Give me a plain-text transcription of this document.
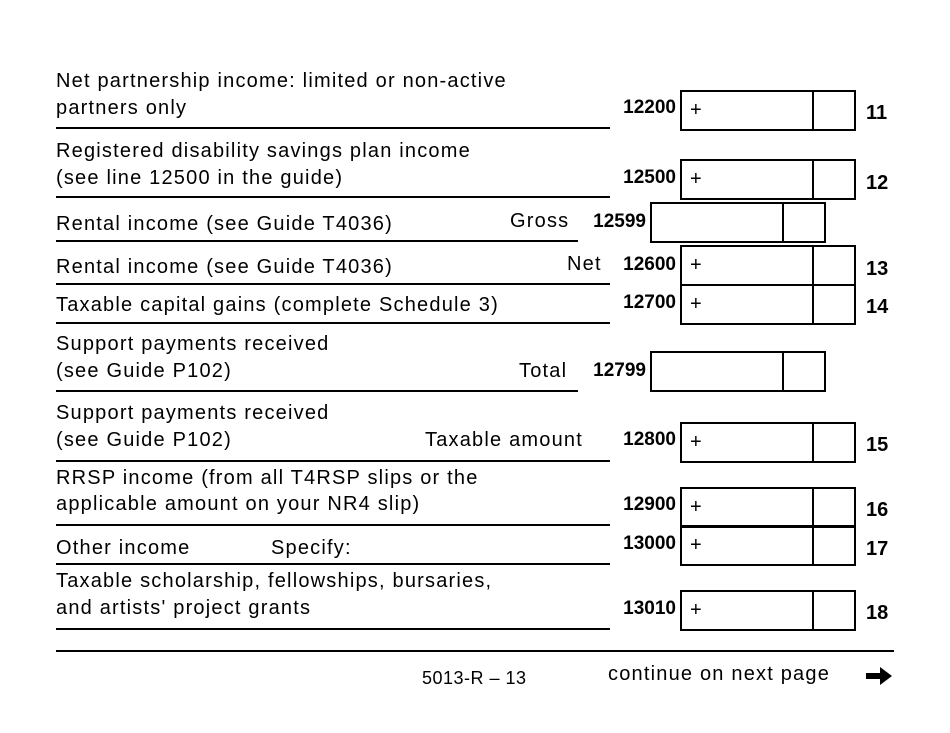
Net partnership income: limited or non-active
partners only	12200 +	11
Registered disability savings plan income
(see line 12500 in the guide)	12500 +	12
Rental income (see Guide T4036)	Gross	12599
Rental income (see Guide T4036)	Net	12600 +	13
Taxable capital gains (complete Schedule 3)	12700 +	14
Support payments received
(see Guide P102)	Total	12799
Support payments received
(see Guide P102)	Taxable amount	12800 +	15
RRSP income (from all T4RSP slips or the
applicable amount on your NR4 slip)	12900 +	16
Other income	Specify:	13000 +	17
Taxable scholarship, fellowships, bursaries,
and artists' project grants	13010 +	18
5013-R – 13	continue on next page
